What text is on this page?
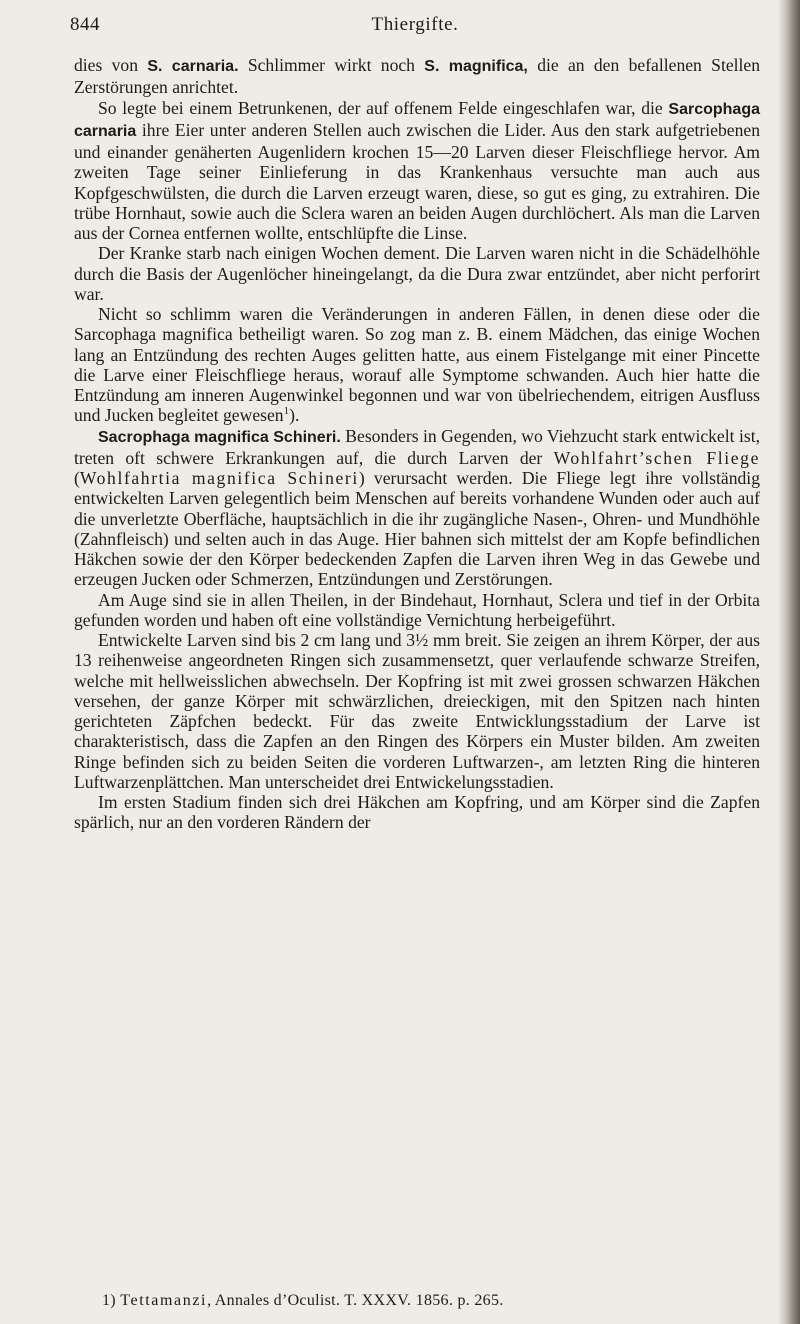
844	Thiergifte.

dies von S. carnaria. Schlimmer wirkt noch S. magnifica, die an den befallenen Stellen Zerstörungen anrichtet.

So legte bei einem Betrunkenen, der auf offenem Felde eingeschlafen war, die Sarcophaga carnaria ihre Eier unter anderen Stellen auch zwischen die Lider. Aus den stark aufgetriebenen und einander genäherten Augenlidern krochen 15—20 Larven dieser Fleischfliege hervor. Am zweiten Tage seiner Einlieferung in das Krankenhaus versuchte man auch aus Kopfgeschwülsten, die durch die Larven erzeugt waren, diese, so gut es ging, zu extrahiren. Die trübe Hornhaut, sowie auch die Sclera waren an beiden Augen durchlöchert. Als man die Larven aus der Cornea entfernen wollte, entschlüpfte die Linse.

Der Kranke starb nach einigen Wochen dement. Die Larven waren nicht in die Schädelhöhle durch die Basis der Augenlöcher hineingelangt, da die Dura zwar entzündet, aber nicht perforirt war.

Nicht so schlimm waren die Veränderungen in anderen Fällen, in denen diese oder die Sarcophaga magnifica betheiligt waren. So zog man z. B. einem Mädchen, das einige Wochen lang an Entzündung des rechten Auges gelitten hatte, aus einem Fistelgange mit einer Pincette die Larve einer Fleischfliege heraus, worauf alle Symptome schwanden. Auch hier hatte die Entzündung am inneren Augenwinkel begonnen und war von übelriechendem, eitrigen Ausfluss und Jucken begleitet gewesen$^1$).

Sacrophaga magnifica Schineri. Besonders in Gegenden, wo Viehzucht stark entwickelt ist, treten oft schwere Erkrankungen auf, die durch Larven der Wohlfahrt’schen Fliege (Wohlfahrtia magnifica Schineri) verursacht werden. Die Fliege legt ihre vollständig entwickelten Larven gelegentlich beim Menschen auf bereits vorhandene Wunden oder auch auf die unverletzte Oberfläche, hauptsächlich in die ihr zugängliche Nasen-, Ohren- und Mundhöhle (Zahnfleisch) und selten auch in das Auge. Hier bahnen sich mittelst der am Kopfe befindlichen Häkchen sowie der den Körper bedeckenden Zapfen die Larven ihren Weg in das Gewebe und erzeugen Jucken oder Schmerzen, Entzündungen und Zerstörungen.

Am Auge sind sie in allen Theilen, in der Bindehaut, Hornhaut, Sclera und tief in der Orbita gefunden worden und haben oft eine vollständige Vernichtung herbeigeführt.

Entwickelte Larven sind bis 2 cm lang und 3½ mm breit. Sie zeigen an ihrem Körper, der aus 13 reihenweise angeordneten Ringen sich zusammensetzt, quer verlaufende schwarze Streifen, welche mit hellweisslichen abwechseln. Der Kopfring ist mit zwei grossen schwarzen Häkchen versehen, der ganze Körper mit schwärzlichen, dreieckigen, mit den Spitzen nach hinten gerichteten Zäpfchen bedeckt. Für das zweite Entwicklungsstadium der Larve ist charakteristisch, dass die Zapfen an den Ringen des Körpers ein Muster bilden. Am zweiten Ringe befinden sich zu beiden Seiten die vorderen Luftwarzen-, am letzten Ring die hinteren Luftwarzenplättchen. Man unterscheidet drei Entwickelungsstadien.

Im ersten Stadium finden sich drei Häkchen am Kopfring, und am Körper sind die Zapfen spärlich, nur an den vorderen Rändern der

1) Tettamanzi, Annales d’Oculist. T. XXXV. 1856. p. 265.
